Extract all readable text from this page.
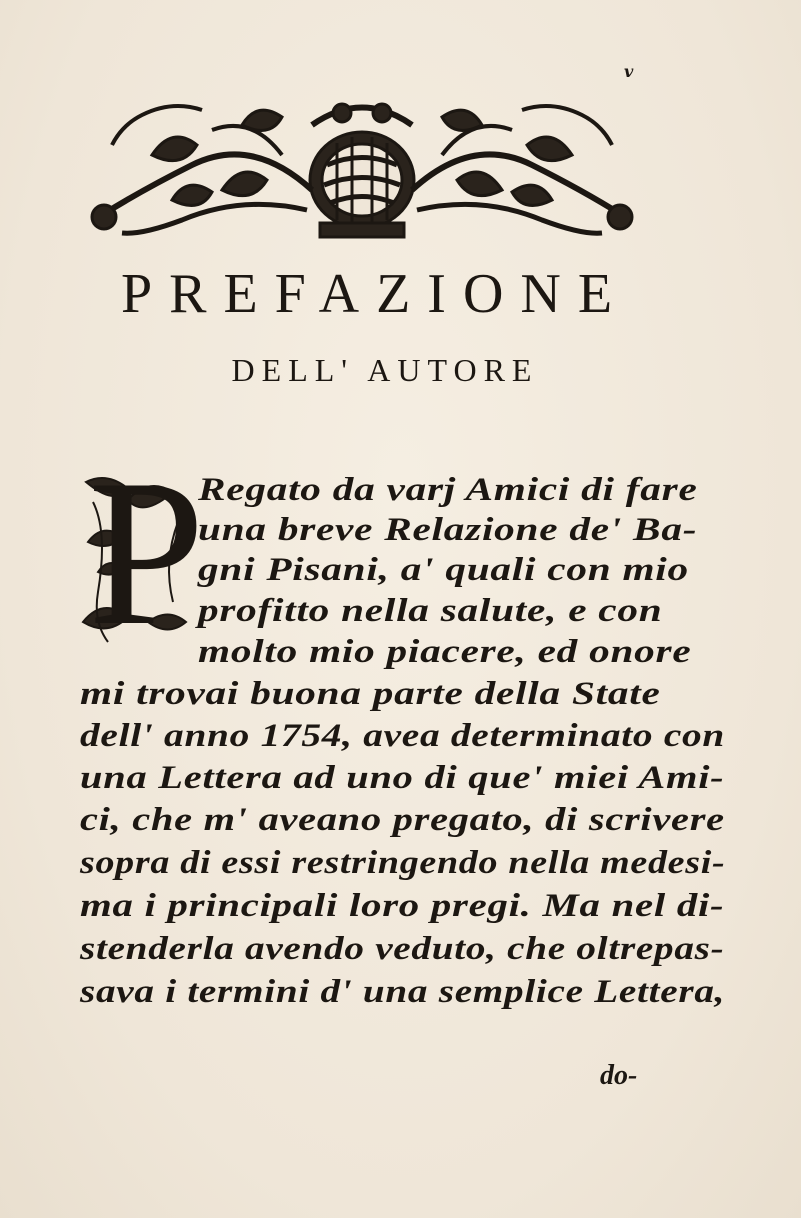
v
PREFAZIONE
DELL' AUTORE
P
Regato da varj Amici di fare
una breve Relazione de' Ba-
gni Pisani, a' quali con mio
profitto nella salute, e con
molto mio piacere, ed onore
mi trovai buona parte della State
dell' anno 1754, avea determinato con
una Lettera ad uno di que' miei Ami-
ci, che m' aveano pregato, di scrivere
sopra di essi restringendo nella medesi-
ma i principali loro pregi. Ma nel di-
stenderla avendo veduto, che oltrepas-
sava i termini d' una semplice Lettera,
do-
